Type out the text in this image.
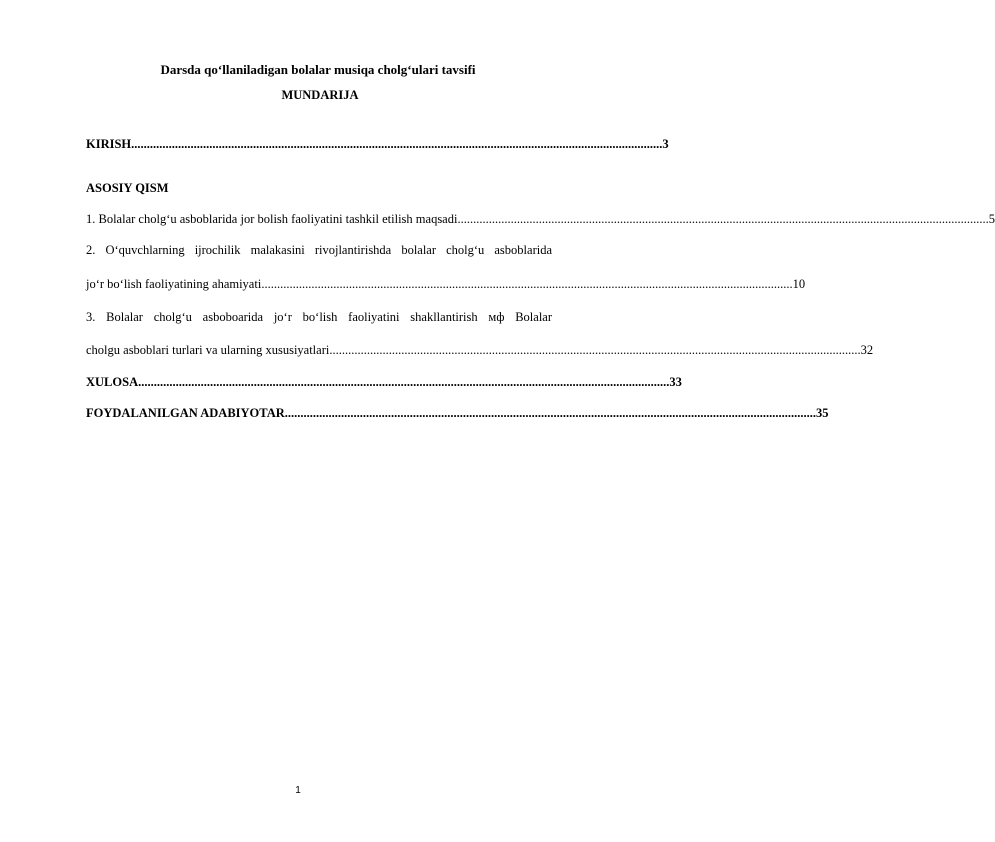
Darsda qo‘llaniladigan bolalar musiqa cholg‘ulari tavsifi
MUNDARIJA
KIRISH .......................................................................................................................................................................... 3
ASOSIY QISM
1. Bolalar cholg‘u asboblarida jor bolish faoliyatini tashkil etilish maqsadi .......................................................................................................................................................................... 5
2. O‘quvchlarning ijrochilik malakasini rivojlantirishda bolalar cholg‘u asboblarida
jo‘r bo‘lish faoliyatining ahamiyati .......................................................................................................................................................................... 10
3. Bolalar cholg‘u asboboarida jo‘r bo‘lish faoliyatini shakllantirish мф Bolalar
cholgu asboblari turlari va ularning xususiyatlari .......................................................................................................................................................................... 32
XULOSA .......................................................................................................................................................................... 33
FOYDALANILGAN ADABIYOTAR .......................................................................................................................................................................... 35
1
